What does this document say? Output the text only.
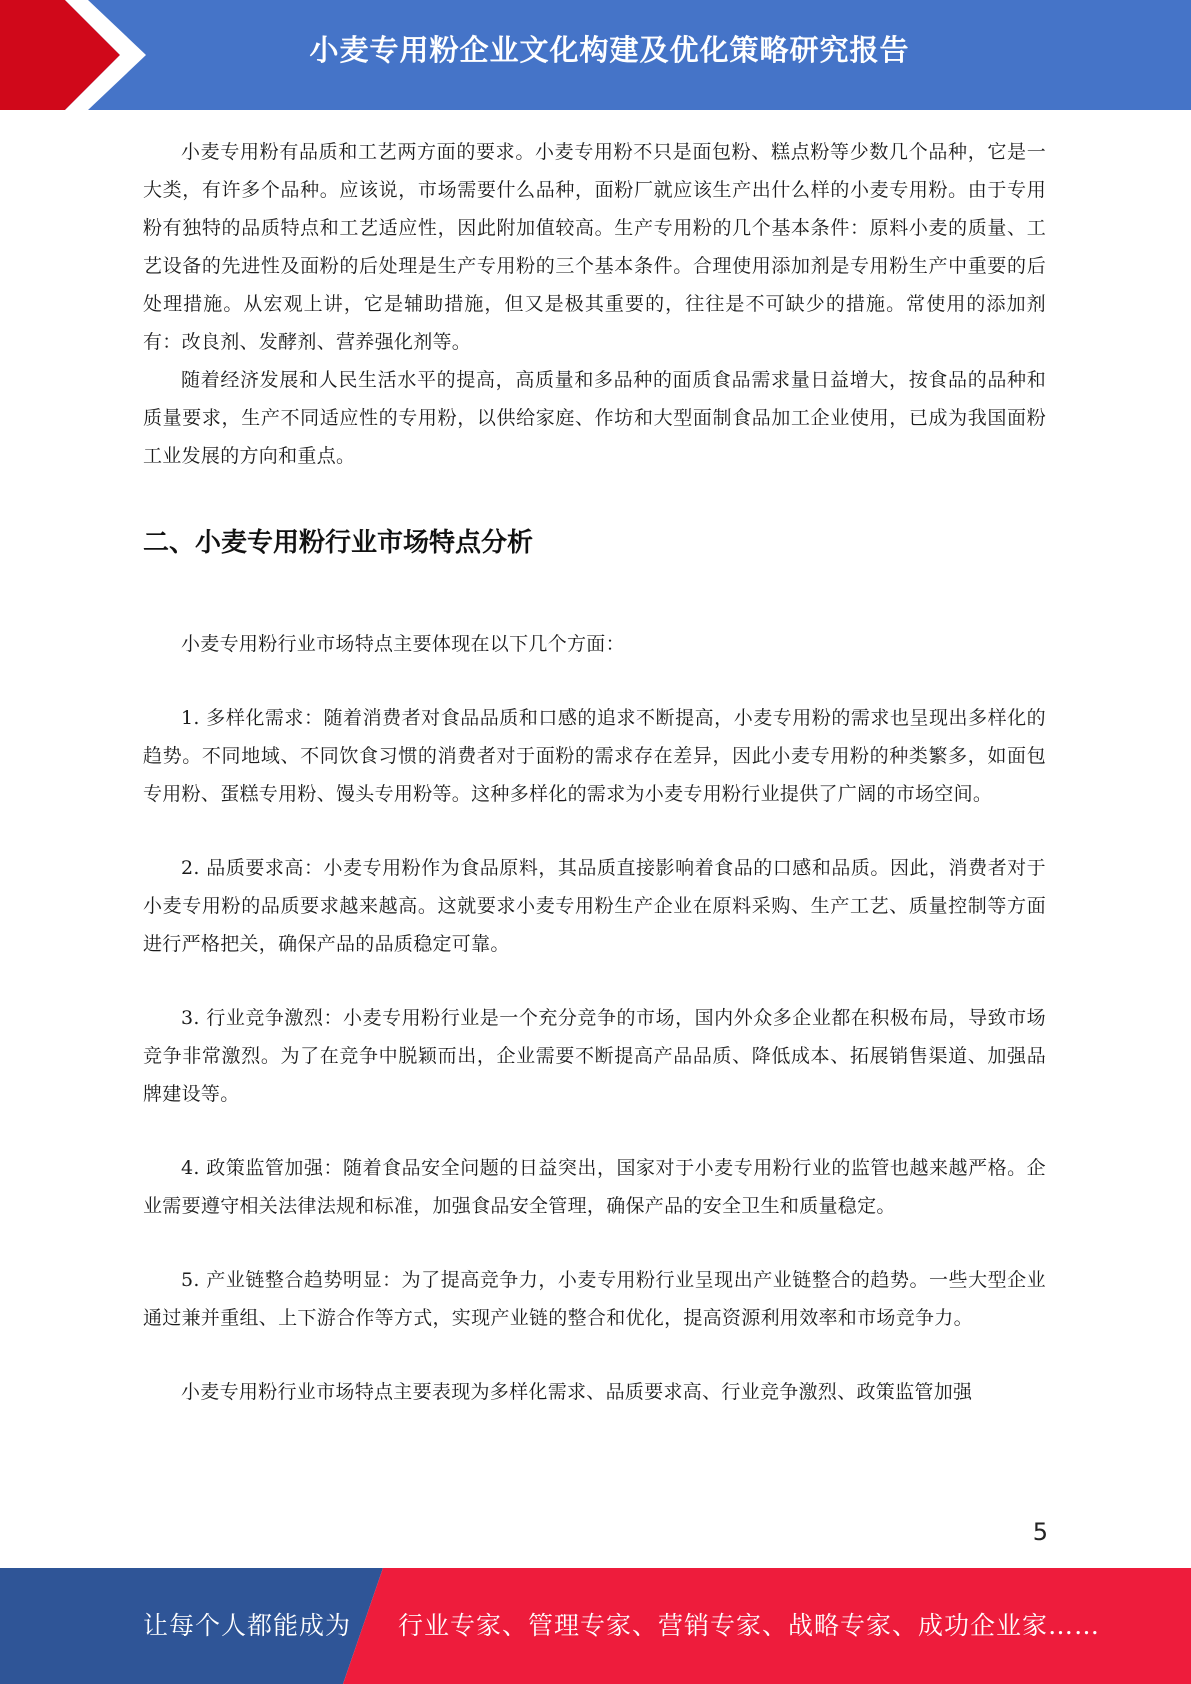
小麦专用粉企业文化构建及优化策略研究报告

小麦专用粉有品质和工艺两方面的要求。小麦专用粉不只是面包粉、糕点粉等少数几个品种，它是一大类，有许多个品种。应该说，市场需要什么品种，面粉厂就应该生产出什么样的小麦专用粉。由于专用粉有独特的品质特点和工艺适应性，因此附加值较高。生产专用粉的几个基本条件：原料小麦的质量、工艺设备的先进性及面粉的后处理是生产专用粉的三个基本条件。合理使用添加剂是专用粉生产中重要的后处理措施。从宏观上讲，它是辅助措施，但又是极其重要的，往往是不可缺少的措施。常使用的添加剂有：改良剂、发酵剂、营养强化剂等。

随着经济发展和人民生活水平的提高，高质量和多品种的面质食品需求量日益增大，按食品的品种和质量要求，生产不同适应性的专用粉，以供给家庭、作坊和大型面制食品加工企业使用，已成为我国面粉工业发展的方向和重点。

二、小麦专用粉行业市场特点分析

小麦专用粉行业市场特点主要体现在以下几个方面：

1. 多样化需求：随着消费者对食品品质和口感的追求不断提高，小麦专用粉的需求也呈现出多样化的趋势。不同地域、不同饮食习惯的消费者对于面粉的需求存在差异，因此小麦专用粉的种类繁多，如面包专用粉、蛋糕专用粉、馒头专用粉等。这种多样化的需求为小麦专用粉行业提供了广阔的市场空间。

2. 品质要求高：小麦专用粉作为食品原料，其品质直接影响着食品的口感和品质。因此，消费者对于小麦专用粉的品质要求越来越高。这就要求小麦专用粉生产企业在原料采购、生产工艺、质量控制等方面进行严格把关，确保产品的品质稳定可靠。

3. 行业竞争激烈：小麦专用粉行业是一个充分竞争的市场，国内外众多企业都在积极布局，导致市场竞争非常激烈。为了在竞争中脱颖而出，企业需要不断提高产品品质、降低成本、拓展销售渠道、加强品牌建设等。

4. 政策监管加强：随着食品安全问题的日益突出，国家对于小麦专用粉行业的监管也越来越严格。企业需要遵守相关法律法规和标准，加强食品安全管理，确保产品的安全卫生和质量稳定。

5. 产业链整合趋势明显：为了提高竞争力，小麦专用粉行业呈现出产业链整合的趋势。一些大型企业通过兼并重组、上下游合作等方式，实现产业链的整合和优化，提高资源利用效率和市场竞争力。

小麦专用粉行业市场特点主要表现为多样化需求、品质要求高、行业竞争激烈、政策监管加强

5
让每个人都能成为 行业专家、管理专家、营销专家、战略专家、成功企业家……
